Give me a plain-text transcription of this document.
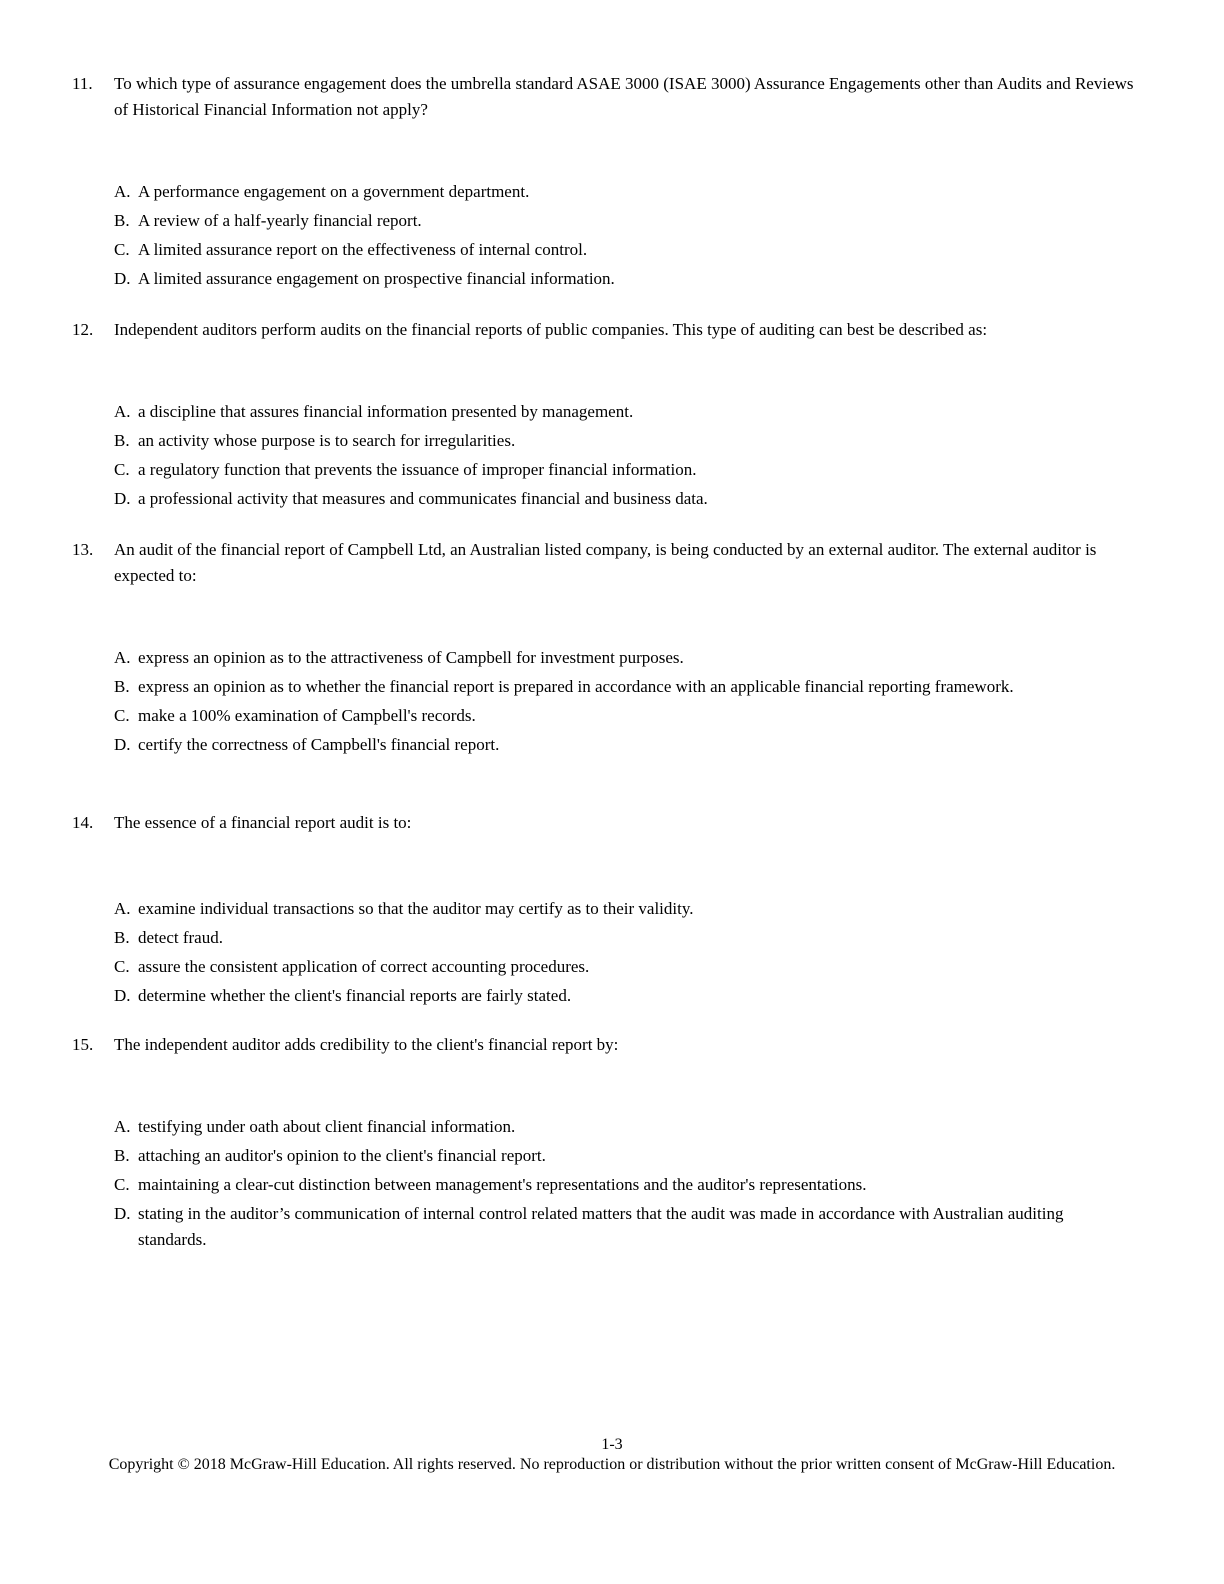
11. To which type of assurance engagement does the umbrella standard ASAE 3000 (ISAE 3000) Assurance Engagements other than Audits and Reviews of Historical Financial Information not apply?
A. A performance engagement on a government department.
B. A review of a half-yearly financial report.
C. A limited assurance report on the effectiveness of internal control.
D. A limited assurance engagement on prospective financial information.
12. Independent auditors perform audits on the financial reports of public companies. This type of auditing can best be described as:
A. a discipline that assures financial information presented by management.
B. an activity whose purpose is to search for irregularities.
C. a regulatory function that prevents the issuance of improper financial information.
D. a professional activity that measures and communicates financial and business data.
13. An audit of the financial report of Campbell Ltd, an Australian listed company, is being conducted by an external auditor. The external auditor is expected to:
A. express an opinion as to the attractiveness of Campbell for investment purposes.
B. express an opinion as to whether the financial report is prepared in accordance with an applicable financial reporting framework.
C. make a 100% examination of Campbell's records.
D. certify the correctness of Campbell's financial report.
14. The essence of a financial report audit is to:
A. examine individual transactions so that the auditor may certify as to their validity.
B. detect fraud.
C. assure the consistent application of correct accounting procedures.
D. determine whether the client's financial reports are fairly stated.
15. The independent auditor adds credibility to the client's financial report by:
A. testifying under oath about client financial information.
B. attaching an auditor's opinion to the client's financial report.
C. maintaining a clear-cut distinction between management's representations and the auditor's representations.
D. stating in the auditor’s communication of internal control related matters that the audit was made in accordance with Australian auditing standards.
1-3
Copyright © 2018 McGraw-Hill Education. All rights reserved. No reproduction or distribution without the prior written consent of McGraw-Hill Education.
